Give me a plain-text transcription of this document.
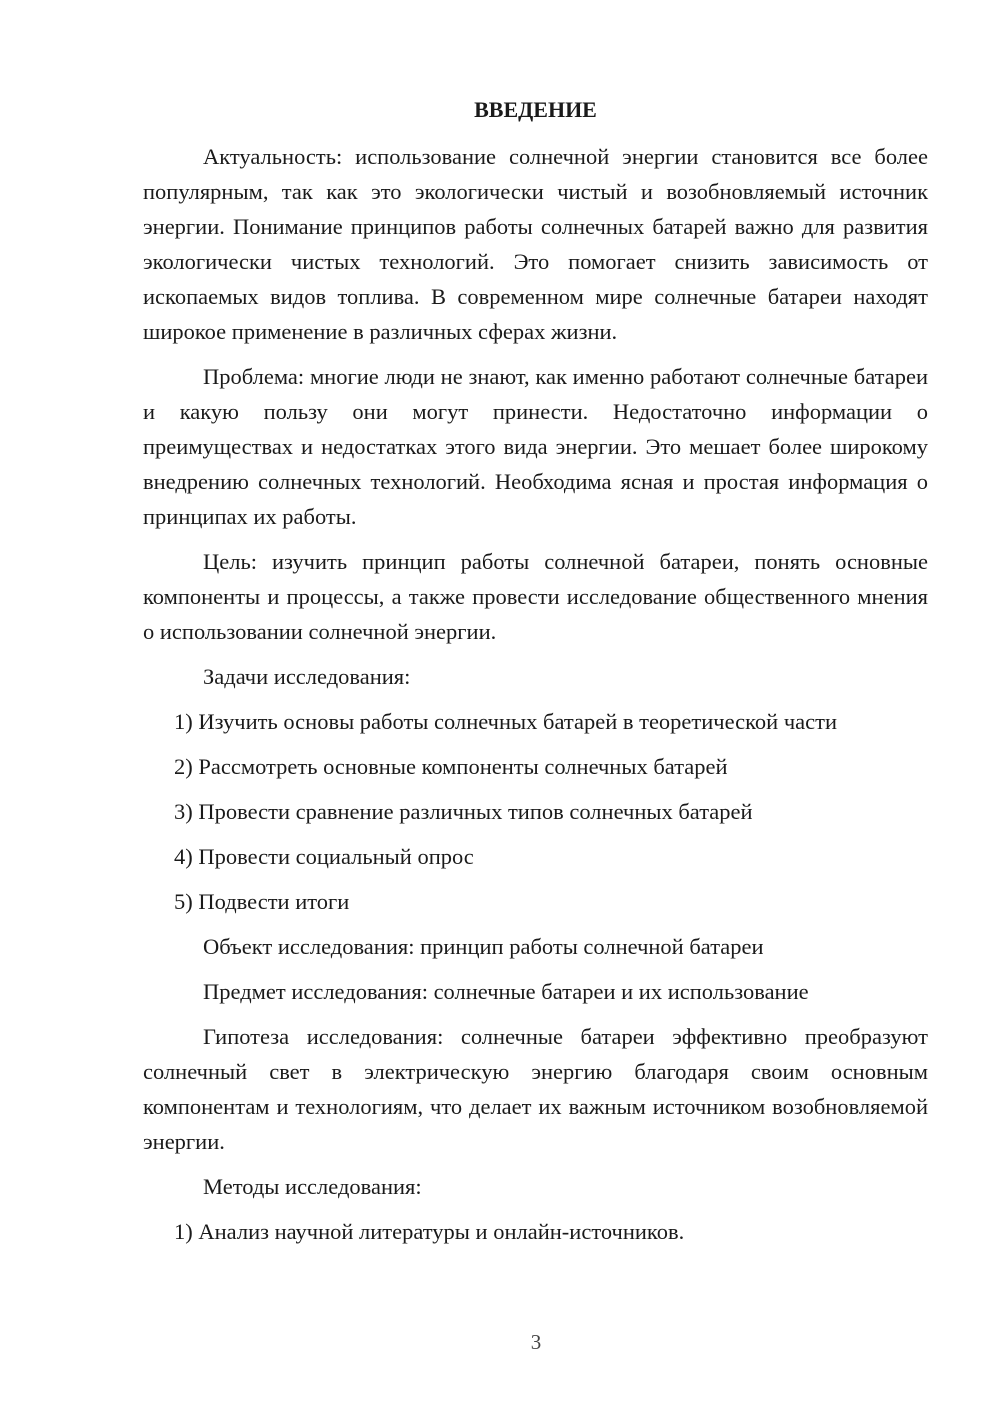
ВВЕДЕНИЕ

Актуальность: использование солнечной энергии становится все более популярным, так как это экологически чистый и возобновляемый источник энергии. Понимание принципов работы солнечных батарей важно для развития экологически чистых технологий. Это помогает снизить зависимость от ископаемых видов топлива. В современном мире солнечные батареи находят широкое применение в различных сферах жизни.

Проблема: многие люди не знают, как именно работают солнечные батареи и какую пользу они могут принести. Недостаточно информации о преимуществах и недостатках этого вида энергии. Это мешает более широкому внедрению солнечных технологий. Необходима ясная и простая информация о принципах их работы.

Цель: изучить принцип работы солнечной батареи, понять основные компоненты и процессы, а также провести исследование общественного мнения о использовании солнечной энергии.

Задачи исследования:
1) Изучить основы работы солнечных батарей в теоретической части
2) Рассмотреть основные компоненты солнечных батарей
3) Провести сравнение различных типов солнечных батарей
4) Провести социальный опрос
5) Подвести итоги
Объект исследования: принцип работы солнечной батареи
Предмет исследования: солнечные батареи и их использование

Гипотеза исследования: солнечные батареи эффективно преобразуют солнечный свет в электрическую энергию благодаря своим основным компонентам и технологиям, что делает их важным источником возобновляемой энергии.

Методы исследования:
1) Анализ научной литературы и онлайн-источников.
3
